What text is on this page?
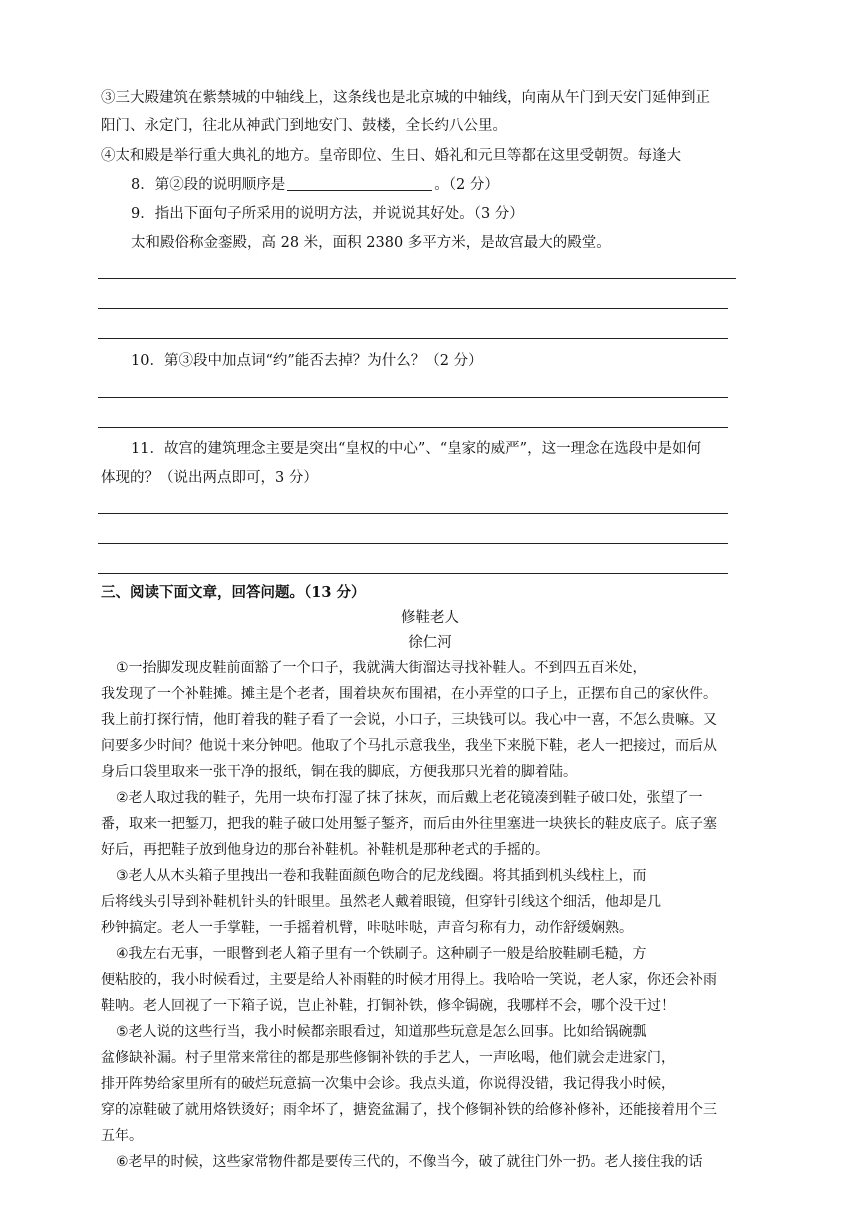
③三大殿建筑在紫禁城的中轴线上，这条线也是北京城的中轴线，向南从午门到天安门延伸到正
阳门、永定门，往北从神武门到地安门、鼓楼，全长约八公里。
④太和殿是举行重大典礼的地方。皇帝即位、生日、婚礼和元旦等都在这里受朝贺。每逢大
8．第②段的说明顺序是	。（2 分）
9．指出下面句子所采用的说明方法，并说说其好处。（3 分）
太和殿俗称金銮殿，高 28 米，面积 2380 多平方米，是故宫最大的殿堂。
10．第③段中加点词“约”能否去掉？为什么？（2 分）
11．故宫的建筑理念主要是突出“皇权的中心”、“皇家的威严”，这一理念在选段中是如何
体现的？（说出两点即可，3 分）
三、阅读下面文章，回答问题。（13 分）
修鞋老人
徐仁河
①一抬脚发现皮鞋前面豁了一个口子，我就满大街溜达寻找补鞋人。不到四五百米处，
我发现了一个补鞋摊。摊主是个老者，围着块灰布围裙，在小弄堂的口子上，正摆布自己的家伙件。
我上前打探行情，他盯着我的鞋子看了一会说，小口子，三块钱可以。我心中一喜，不怎么贵嘛。又
问要多少时间？他说十来分钟吧。他取了个马扎示意我坐，我坐下来脱下鞋，老人一把接过，而后从
身后口袋里取来一张干净的报纸，铜在我的脚底，方便我那只光着的脚着陆。
②老人取过我的鞋子，先用一块布打湿了抹了抹灰，而后戴上老花镜凑到鞋子破口处，张望了一
番，取来一把錾刀，把我的鞋子破口处用錾子錾齐，而后由外往里塞进一块狭长的鞋皮底子。底子塞
好后，再把鞋子放到他身边的那台补鞋机。补鞋机是那种老式的手摇的。
③老人从木头箱子里拽出一卷和我鞋面颜色吻合的尼龙线圈。将其插到机头线柱上，而
后将线头引导到补鞋机针头的针眼里。虽然老人戴着眼镜，但穿针引线这个细活，他却是几
秒钟搞定。老人一手掌鞋，一手摇着机臂，咔哒咔哒，声音匀称有力，动作舒缓娴熟。
④我左右无事，一眼瞥到老人箱子里有一个铁刷子。这种刷子一般是给胶鞋刷毛糙，方
便粘胶的，我小时候看过，主要是给人补雨鞋的时候才用得上。我哈哈一笑说，老人家，你还会补雨
鞋呐。老人回视了一下箱子说，岂止补鞋，打铜补铁，修伞锔碗，我哪样不会，哪个没干过！
⑤老人说的这些行当，我小时候都亲眼看过，知道那些玩意是怎么回事。比如给锅碗瓢
盆修缺补漏。村子里常来常往的都是那些修铜补铁的手艺人，一声吆喝，他们就会走进家门，
排开阵势给家里所有的破烂玩意搞一次集中会诊。我点头道，你说得没错，我记得我小时候，
穿的凉鞋破了就用烙铁烫好；雨伞坏了，搪瓷盆漏了，找个修铜补铁的给修补修补，还能接着用个三
五年。
⑥老早的时候，这些家常物件都是要传三代的，不像当今，破了就往门外一扔。老人接住我的话
